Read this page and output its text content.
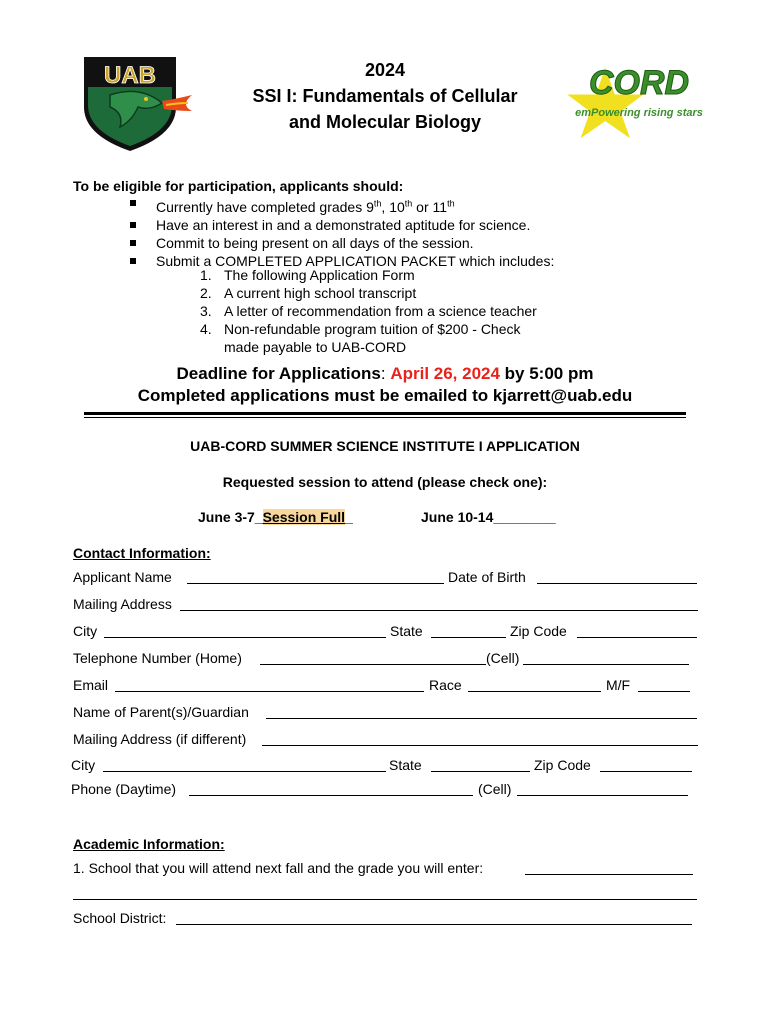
UAB	CORD
emPowering rising stars
2024
SSI I: Fundamentals of Cellular
and Molecular Biology
To be eligible for participation, applicants should:
Currently have completed grades 9th, 10th or 11th
Have an interest in and a demonstrated aptitude for science.
Commit to being present on all days of the session.
Submit a COMPLETED APPLICATION PACKET which includes:
1. The following Application Form
2. A current high school transcript
3. A letter of recommendation from a science teacher
4. Non-refundable program tuition of $200 - Check
made payable to UAB-CORD
Deadline for Applications: April 26, 2024 by 5:00 pm
Completed applications must be emailed to kjarrett@uab.edu
UAB-CORD SUMMER SCIENCE INSTITUTE I APPLICATION
Requested session to attend (please check one):
June 3-7_Session Full_	June 10-14________
Contact Information:
Applicant Name	Date of Birth
Mailing Address
City	State	Zip Code
Telephone Number (Home)	(Cell)
Email	Race	M/F
Name of Parent(s)/Guardian
Mailing Address (if different)
City	State	Zip Code
Phone (Daytime)	(Cell)
Academic Information:
1. School that you will attend next fall and the grade you will enter:
School District:
